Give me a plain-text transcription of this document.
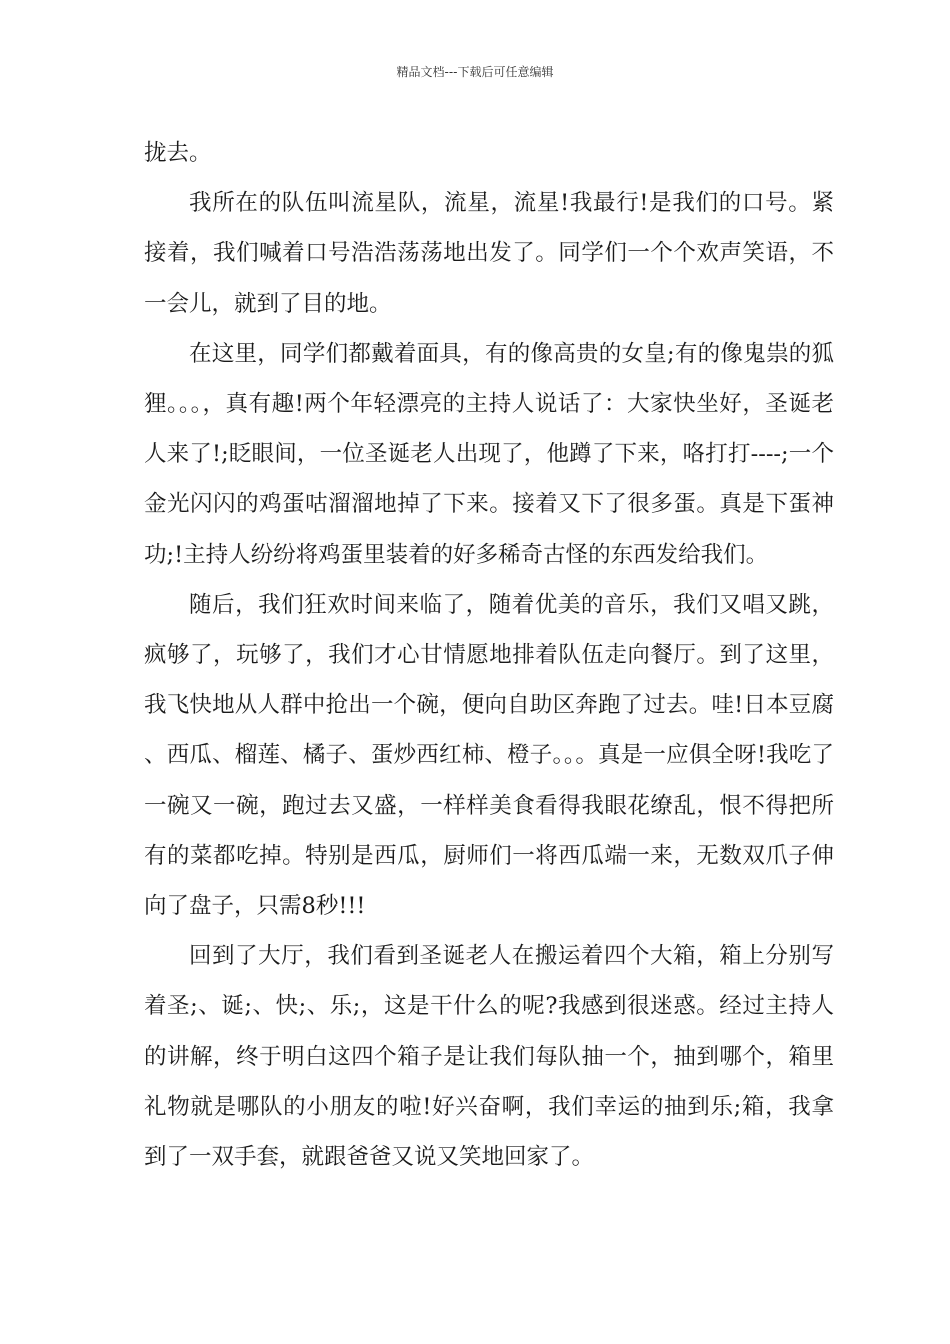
精品文档---下载后可任意编辑

拢去。

我所在的队伍叫流星队，流星，流星!我最行!是我们的口号。紧接着，我们喊着口号浩浩荡荡地出发了。同学们一个个欢声笑语，不一会儿，就到了目的地。

在这里，同学们都戴着面具，有的像高贵的女皇;有的像鬼祟的狐狸。。。，真有趣!两个年轻漂亮的主持人说话了：大家快坐好，圣诞老人来了!;眨眼间，一位圣诞老人出现了，他蹲了下来，咯打打----;一个金光闪闪的鸡蛋咕溜溜地掉了下来。接着又下了很多蛋。真是下蛋神功;!主持人纷纷将鸡蛋里装着的好多稀奇古怪的东西发给我们。

随后，我们狂欢时间来临了，随着优美的音乐，我们又唱又跳，疯够了，玩够了，我们才心甘情愿地排着队伍走向餐厅。到了这里，我飞快地从人群中抢出一个碗，便向自助区奔跑了过去。哇!日本豆腐、西瓜、榴莲、橘子、蛋炒西红柿、橙子。。。真是一应俱全呀!我吃了一碗又一碗，跑过去又盛，一样样美食看得我眼花缭乱，恨不得把所有的菜都吃掉。特别是西瓜，厨师们一将西瓜端一来，无数双爪子伸向了盘子，只需8秒!!!

回到了大厅，我们看到圣诞老人在搬运着四个大箱，箱上分别写着圣;、诞;、快;、乐;，这是干什么的呢?我感到很迷惑。经过主持人的讲解，终于明白这四个箱子是让我们每队抽一个，抽到哪个，箱里礼物就是哪队的小朋友的啦!好兴奋啊，我们幸运的抽到乐;箱，我拿到了一双手套，就跟爸爸又说又笑地回家了。
